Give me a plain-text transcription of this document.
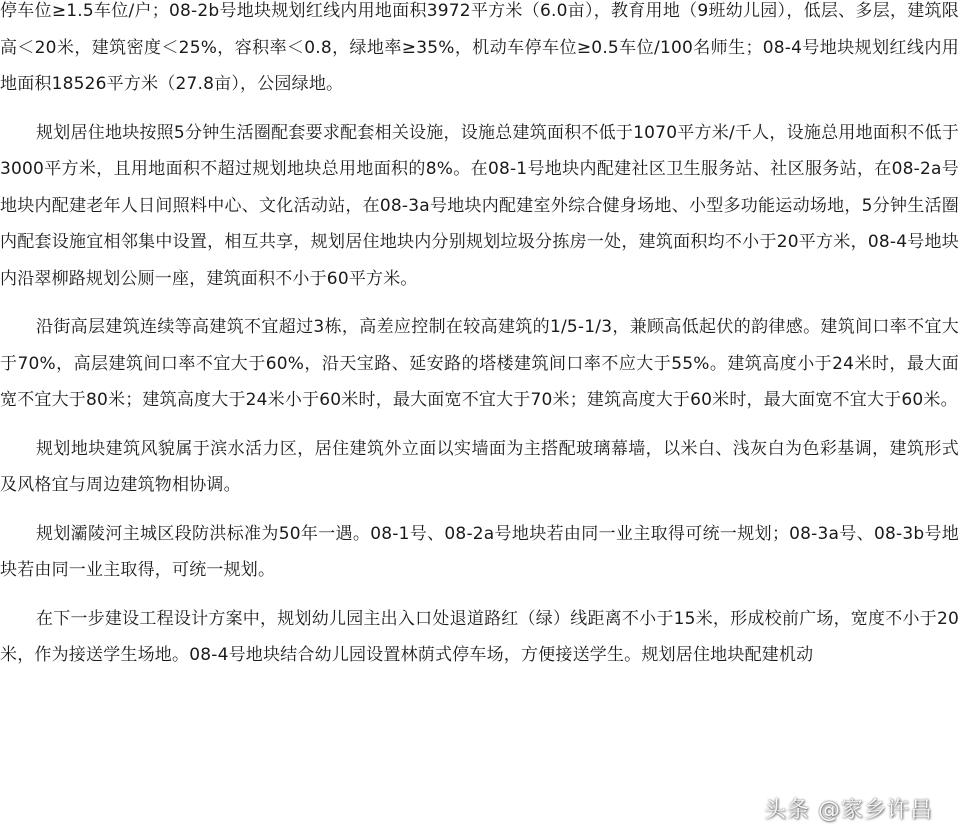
停车位≥1.5车位/户；08-2b号地块规划红线内用地面积3972平方米（6.0亩），教育用地（9班幼儿园），低层、多层，建筑限高＜20米，建筑密度＜25%，容积率＜0.8，绿地率≥35%，机动车停车位≥0.5车位/100名师生；08-4号地块规划红线内用地面积18526平方米（27.8亩），公园绿地。

规划居住地块按照5分钟生活圈配套要求配套相关设施，设施总建筑面积不低于1070平方米/千人，设施总用地面积不低于3000平方米，且用地面积不超过规划地块总用地面积的8%。在08-1号地块内配建社区卫生服务站、社区服务站，在08-2a号地块内配建老年人日间照料中心、文化活动站，在08-3a号地块内配建室外综合健身场地、小型多功能运动场地，5分钟生活圈内配套设施宜相邻集中设置，相互共享，规划居住地块内分别规划垃圾分拣房一处，建筑面积均不小于20平方米，08-4号地块内沿翠柳路规划公厕一座，建筑面积不小于60平方米。

沿街高层建筑连续等高建筑不宜超过3栋，高差应控制在较高建筑的1/5-1/3，兼顾高低起伏的韵律感。建筑间口率不宜大于70%，高层建筑间口率不宜大于60%，沿天宝路、延安路的塔楼建筑间口率不应大于55%。建筑高度小于24米时，最大面宽不宜大于80米；建筑高度大于24米小于60米时，最大面宽不宜大于70米；建筑高度大于60米时，最大面宽不宜大于60米。

规划地块建筑风貌属于滨水活力区，居住建筑外立面以实墙面为主搭配玻璃幕墙，以米白、浅灰白为色彩基调，建筑形式及风格宜与周边建筑物相协调。

规划灞陵河主城区段防洪标准为50年一遇。08-1号、08-2a号地块若由同一业主取得可统一规划；08-3a号、08-3b号地块若由同一业主取得，可统一规划。

在下一步建设工程设计方案中，规划幼儿园主出入口处退道路红（绿）线距离不小于15米，形成校前广场，宽度不小于20米，作为接送学生场地。08-4号地块结合幼儿园设置林荫式停车场，方便接送学生。规划居住地块配建机动

头条 @家乡许昌
